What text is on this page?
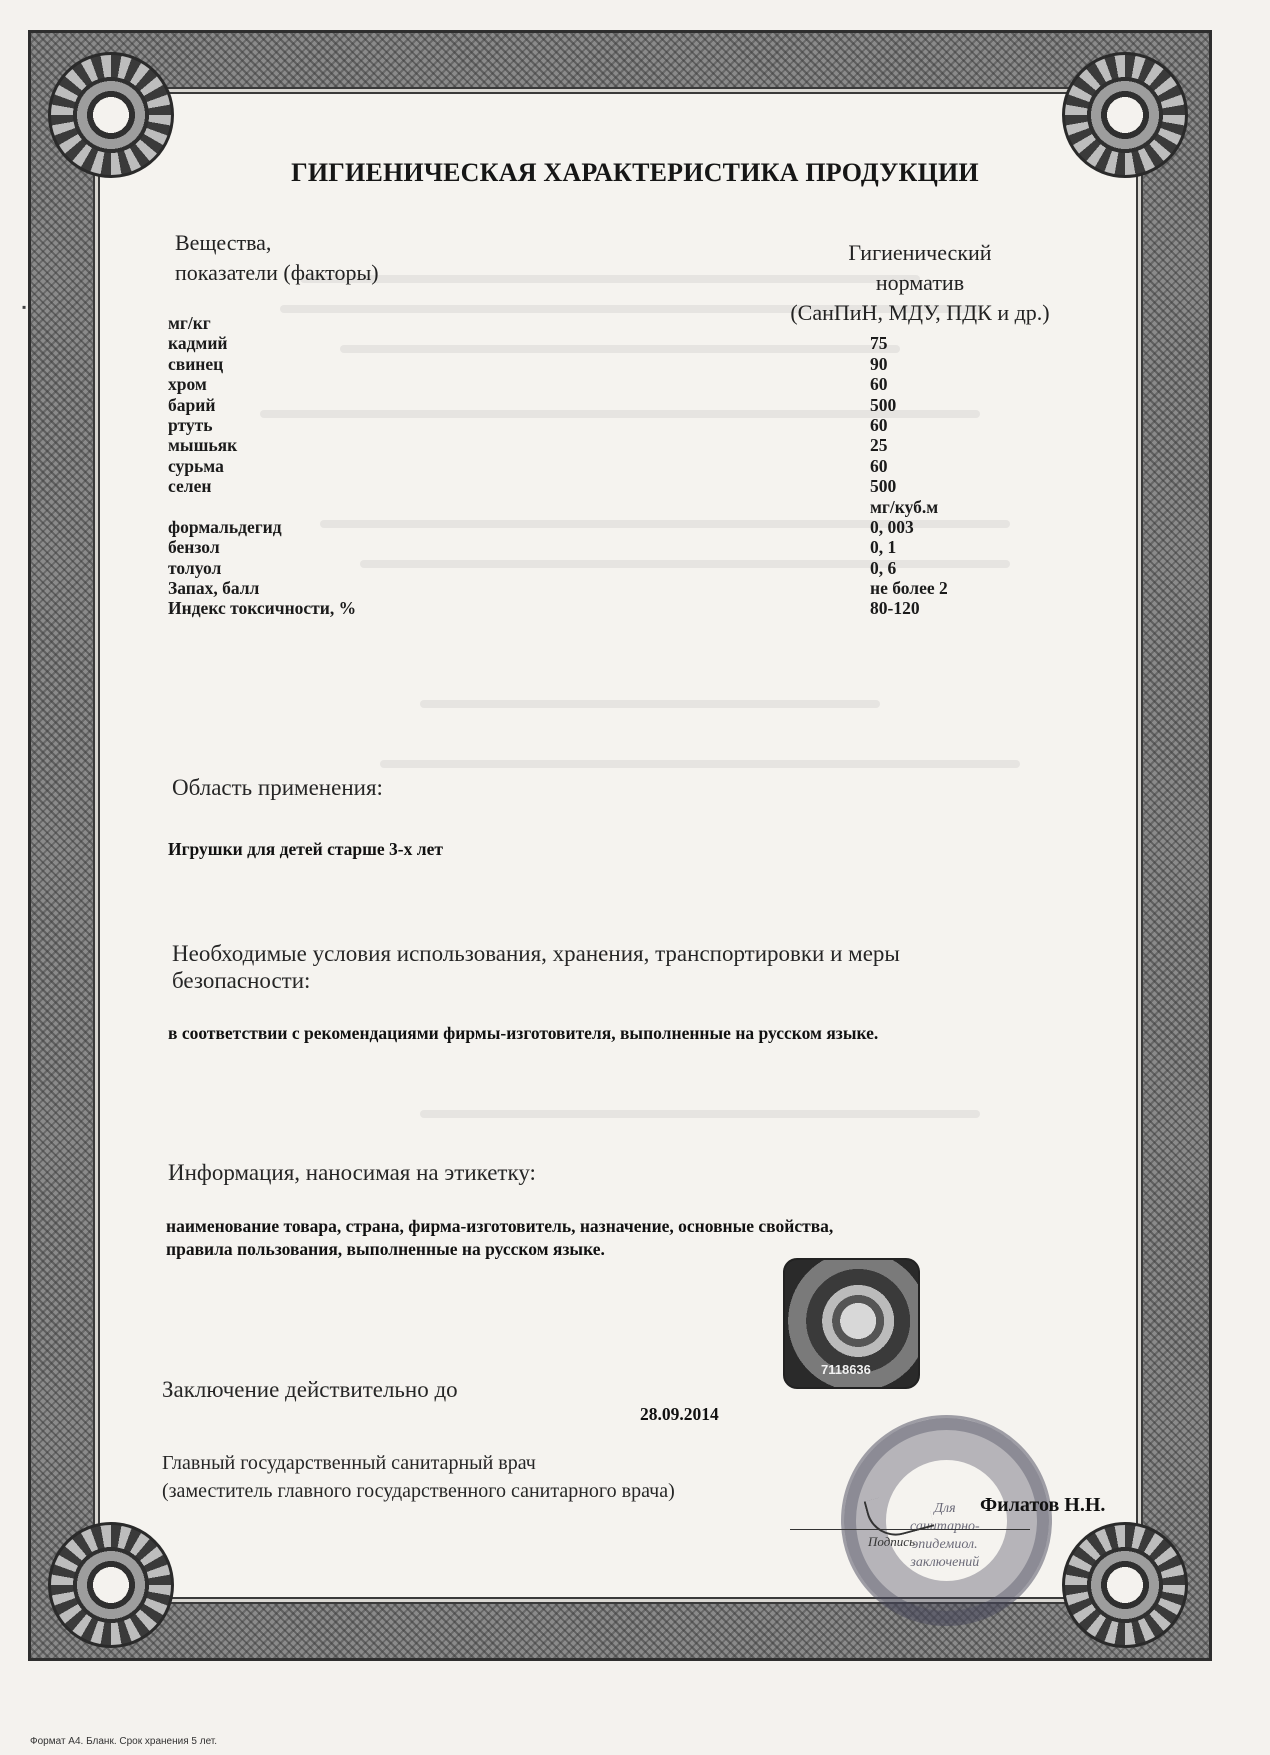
▪
ГИГИЕНИЧЕСКАЯ ХАРАКТЕРИСТИКА ПРОДУКЦИИ
Вещества,
показатели (факторы)
Гигиенический
норматив
(СанПиН, МДУ, ПДК и др.)
мг/кг
кадмий	75
свинец	90
хром	60
барий	500
ртуть	60
мышьяк	25
сурьма	60
селен	500
мг/куб.м
формальдегид	0, 003
бензол	0, 1
толуол	0, 6
Запах, балл	не более 2
Индекс токсичности, %	80-120
Область применения:
Игрушки для детей старше 3-х лет
Необходимые условия использования, хранения, транспортировки и меры
безопасности:
в соответствии с рекомендациями фирмы-изготовителя, выполненные на русском языке.
Информация, наносимая на этикетку:
наименование товара, страна, фирма-изготовитель, назначение, основные свойства,
правила пользования, выполненные на русском языке.
7118636
Заключение действительно до
28.09.2014
Главный государственный санитарный врач
(заместитель главного государственного санитарного врача)
Для
санитарно-
эпидемиол.
заключений
Подпись
Филатов Н.Н.
Формат А4. Бланк. Срок хранения 5 лет.
